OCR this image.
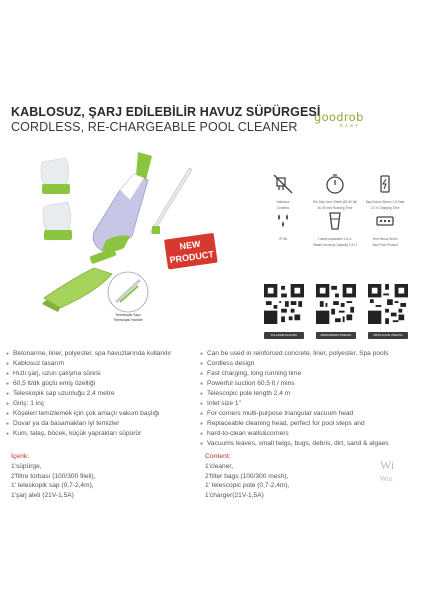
KABLOSUZ, ŞARJ EDİLEBİLİR HAVUZ SÜPÜRGESİ
CORDLESS, RE-CHARGEABLE POOL CLEANER
goodrob
EASY
NEW
PRODUCT
Teleskopik Sapı
Telescopic Handle
Kablosuz
Cordless
Tek Şarj Uzun Süreli (60-90 dk)
60-90 min Running Time
Şarj Dolum Süresi 1,5 Saat
1,5 h Charging Time
IP 68	Hazne kapasitesi 1,8 Lt
Waste Housing Capacity 1,8 Lt
Yeni Havuz Ürünü
New Pool Product
KULLANIM KILAVUZU	PERFORMANS VİDEOSU	ÜRÜN AÇILIM VİDEOSU
● Betonarme, liner, polyester, spa havuzlarında kullanılır
● Kablosuz tasarım
● Hızlı şarj, uzun çalışma süresi
● 60,5 lt/dk güçlü emiş özelliği
● Teleskopik sap uzunluğu 2,4 metre
● Giriş: 1 inç
● Köşeleri temizlemek için çok amaçlı vakum başlığı
● Duvar ya da basamakları iyi temizler
● Kum, talaş, böcek, küçük yaprakları süpürür
● Can be used in reinforced concrete, liner, polyester, Spa pools
● Cordless design
● Fast charging, long running time
● Powerful suction 60,5 lt / mins
● Telescopic pole length 2,4 m
● Inlet size 1"
● For corners multi-purpose triangular vacuum head
● Replaceable cleaning head, perfect for pool steps and
● hard-to-clean walls&corners
● Vacuums leaves, small twigs, bugs, debris, dirt, sand & algaes
İçerik:
1'süpürge,
2'filtre torbası (100/300 fileli),
1' teleskopik sap (0,7-2,4m),
1'şarj aleti (21V-1,5A)
Content:
1'cleaner,
2'filter bags (100/300 mesh),
1' telescopic pole (0,7-2,4m),
1'charger(21V-1,5A)
Wi
Win
